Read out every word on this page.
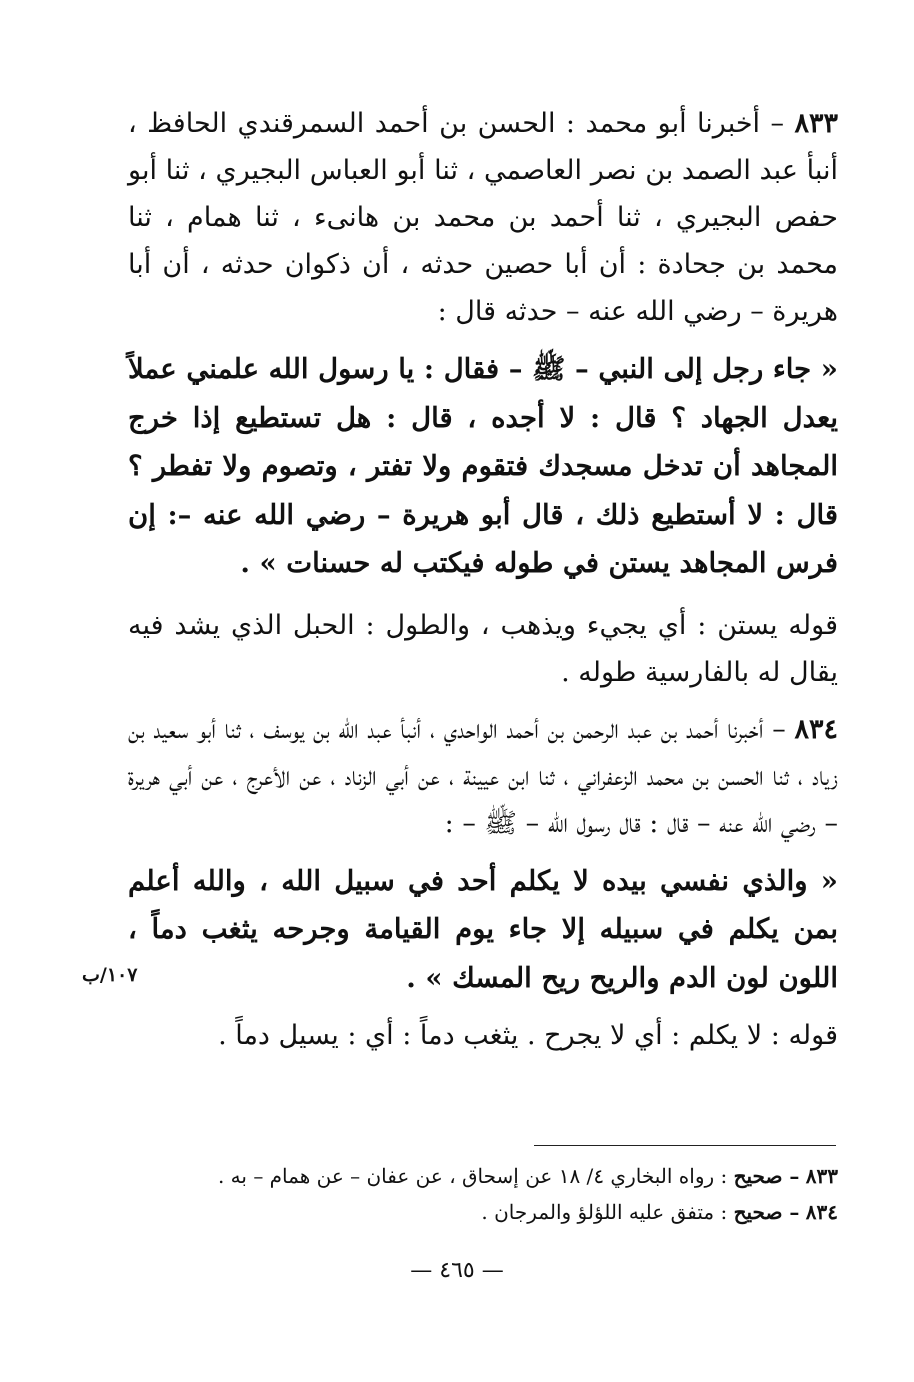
٨٣٣ – أخبرنا أبو محمد : الحسن بن أحمد السمرقندي الحافظ ، أنبأ عبد الصمد بن نصر العاصمي ، ثنا أبو العباس البجيري ، ثنا أبو حفص البجيري ، ثنا أحمد بن محمد بن هانىء ، ثنا همام ، ثنا محمد بن جحادة : أن أبا حصين حدثه ، أن ذكوان حدثه ، أن أبا هريرة – رضي الله عنه – حدثه قال :

« جاء رجل إلى النبي – ﷺ – فقال : يا رسول الله علمني عملاً يعدل الجهاد ؟ قال : لا أجده ، قال : هل تستطيع إذا خرج المجاهد أن تدخل مسجدك فتقوم ولا تفتر ، وتصوم ولا تفطر ؟ قال : لا أستطيع ذلك ، قال أبو هريرة – رضي الله عنه –: إن فرس المجاهد يستن في طوله فيكتب له حسنات » .

قوله يستن : أي يجيء ويذهب ، والطول : الحبل الذي يشد فيه يقال له بالفارسية طوله .

٨٣٤ – أخبرنا أحمد بن عبد الرحمن بن أحمد الواحدي ، أنبأ عبد الله بن يوسف ، ثنا أبو سعيد بن زياد ، ثنا الحسن بن محمد الزعفراني ، ثنا ابن عيينة ، عن أبي الزناد ، عن الأعرج ، عن أبي هريرة – رضي الله عنه – قال : قال رسول الله – ﷺ – :

« والذي نفسي بيده لا يكلم أحد في سبيل الله ، والله أعلم بمن يكلم في سبيله إلا جاء يوم القيامة وجرحه يثغب دماً ، اللون لون الدم والريح ريح المسك » .

قوله : لا يكلم : أي لا يجرح . يثغب دماً : أي : يسيل دماً .

١٠٧/ب

٨٣٣ – صحيح : رواه البخاري ٤/ ١٨ عن إسحاق ، عن عفان – عن همام – به .

٨٣٤ – صحيح : متفق عليه اللؤلؤ والمرجان .

— ٤٦٥ —
